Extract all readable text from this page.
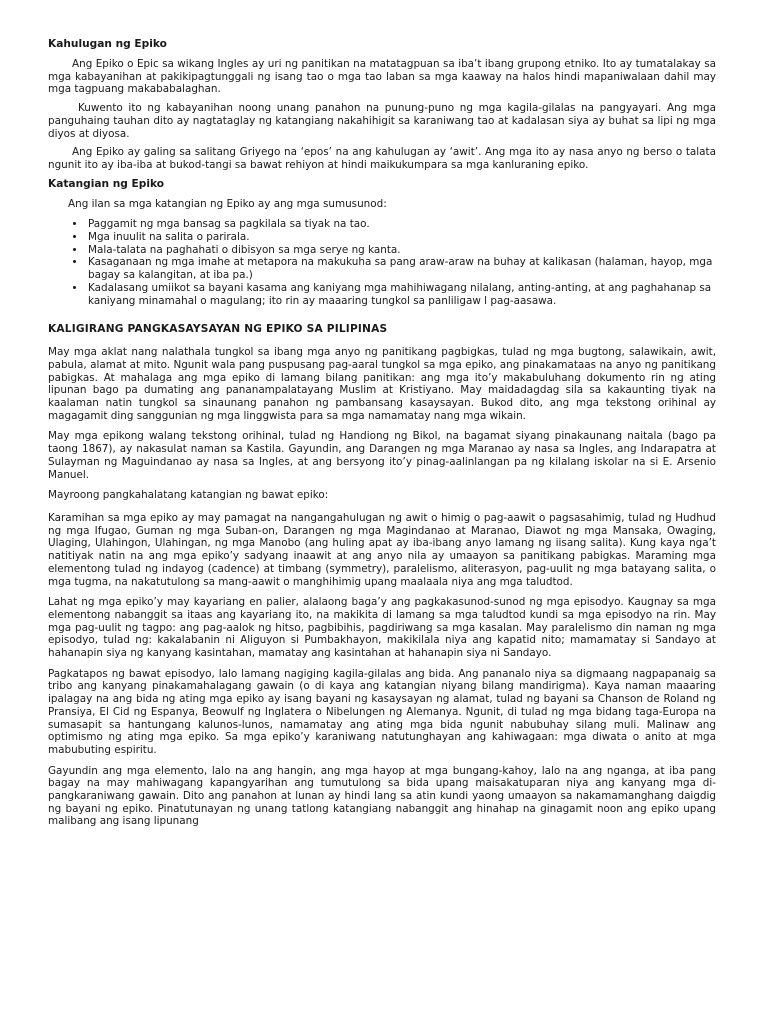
Kahulugan ng Epiko

Ang Epiko o Epic sa wikang Ingles ay uri ng panitikan na matatagpuan sa iba’t ibang grupong etniko. Ito ay tumatalakay sa mga kabayanihan at pakikipagtunggali ng isang tao o mga tao laban sa mga kaaway na halos hindi mapaniwalaan dahil may mga tagpuang makababalaghan.

Kuwento ito ng kabayanihan noong unang panahon na punung-puno ng mga kagila-gilalas na pangyayari. Ang mga panguhaing tauhan dito ay nagtataglay ng katangiang nakahihigit sa karaniwang tao at kadalasan siya ay buhat sa lipi ng mga diyos at diyosa.

Ang Epiko ay galing sa salitang Griyego na ‘epos’ na ang kahulugan ay ‘awit’. Ang mga ito ay nasa anyo ng berso o talata ngunit ito ay iba-iba at bukod-tangi sa bawat rehiyon at hindi maikukumpara sa mga kanluraning epiko.

Katangian ng Epiko

Ang ilan sa mga katangian ng Epiko ay ang mga sumusunod:

• Paggamit ng mga bansag sa pagkilala sa tiyak na tao.
• Mga inuulit na salita o parirala.
• Mala-talata na paghahati o dibisyon sa mga serye ng kanta.
• Kasaganaan ng mga imahe at metapora na makukuha sa pang araw-araw na buhay at kalikasan (halaman, hayop, mga bagay sa kalangitan, at iba pa.)
• Kadalasang umiikot sa bayani kasama ang kaniyang mga mahihiwagang nilalang, anting-anting, at ang paghahanap sa kaniyang minamahal o magulang; ito rin ay maaaring tungkol sa panliligaw l pag-aasawa.
KALIGIRANG PANGKASAYSAYAN NG EPIKO SA PILIPINAS

May mga aklat nang nalathala tungkol sa ibang mga anyo ng panitikang pagbigkas, tulad ng mga bugtong, salawikain, awit, pabula, alamat at mito. Ngunit wala pang puspusang pag-aaral tungkol sa mga epiko, ang pinakamataas na anyo ng panitikang pabigkas. At mahalaga ang mga epiko di lamang bilang panitikan: ang mga ito’y makabuluhang dokumento rin ng ating lipunan bago pa dumating ang pananampalatayang Muslim at Kristiyano. May maidadagdag sila sa kakaunting tiyak na kaalaman natin tungkol sa sinaunang panahon ng pambansang kasaysayan. Bukod dito, ang mga tekstong orihinal ay magagamit ding sanggunian ng mga linggwista para sa mga namamatay nang mga wikain.

May mga epikong walang tekstong orihinal, tulad ng Handiong ng Bikol, na bagamat siyang pinakaunang naitala (bago pa taong 1867), ay nakasulat naman sa Kastila. Gayundin, ang Darangen ng mga Maranao ay nasa sa Ingles, ang Indarapatra at Sulayman ng Maguindanao ay nasa sa Ingles, at ang bersyong ito’y pinag-aalinlangan pa ng kilalang iskolar na si E. Arsenio Manuel.

Mayroong pangkahalatang katangian ng bawat epiko:

Karamihan sa mga epiko ay may pamagat na nangangahulugan ng awit o himig o pag-aawit o pagsasahimig, tulad ng Hudhud ng mga Ifugao, Guman ng mga Suban-on, Darangen ng mga Magindanao at Maranao, Diawot ng mga Mansaka, Owaging, Ulaging, Ulahingon, Ulahingan, ng mga Manobo (ang huling apat ay iba-ibang anyo lamang ng iisang salita). Kung kaya nga’t natitiyak natin na ang mga epiko’y sadyang inaawit at ang anyo nila ay umaayon sa panitikang pabigkas. Maraming mga elementong tulad ng indayog (cadence) at timbang (symmetry), paralelismo, aliterasyon, pag-uulit ng mga batayang salita, o mga tugma, na nakatutulong sa mang-aawit o manghihimig upang maalaala niya ang mga taludtod.

Lahat ng mga epiko’y may kayariang en palier, alalaong baga’y ang pagkakasunod-sunod ng mga episodyo. Kaugnay sa mga elementong nabanggit sa itaas ang kayariang ito, na makikita di lamang sa mga taludtod kundi sa mga episodyo na rin. May mga pag-uulit ng tagpo: ang pag-aalok ng hitso, pagbibihis, pagdiriwang sa mga kasalan. May paralelismo din naman ng mga episodyo, tulad ng: kakalabanin ni Aliguyon si Pumbakhayon, makikilala niya ang kapatid nito; mamamatay si Sandayo at hahanapin siya ng kanyang kasintahan, mamatay ang kasintahan at hahanapin siya ni Sandayo.

Pagkatapos ng bawat episodyo, lalo lamang nagiging kagila-gilalas ang bida. Ang pananalo niya sa digmaang nagpapanaig sa tribo ang kanyang pinakamahalagang gawain (o di kaya ang katangian niyang bilang mandirigma). Kaya naman maaaring ipalagay na ang bida ng ating mga epiko ay isang bayani ng kasaysayan ng alamat, tulad ng bayani sa Chanson de Roland ng Pransiya, El Cid ng Espanya, Beowulf ng Inglatera o Nibelungen ng Alemanya. Ngunit, di tulad ng mga bidang taga-Europa na sumasapit sa hantungang kalunos-lunos, namamatay ang ating mga bida ngunit nabubuhay silang muli. Malinaw ang optimismo ng ating mga epiko. Sa mga epiko’y karaniwang natutunghayan ang kahiwagaan: mga diwata o anito at mga mabubuting espiritu.

Gayundin ang mga elemento, lalo na ang hangin, ang mga hayop at mga bungang-kahoy, lalo na ang nganga, at iba pang bagay na may mahiwagang kapangyarihan ang tumutulong sa bida upang maisakatuparan niya ang kanyang mga di-pangkaraniwang gawain. Dito ang panahon at lunan ay hindi lang sa atin kundi yaong umaayon sa nakamamanghang daigdig ng bayani ng epiko. Pinatutunayan ng unang tatlong katangiang nabanggit ang hinahap na ginagamit noon ang epiko upang malibang ang isang lipunang
